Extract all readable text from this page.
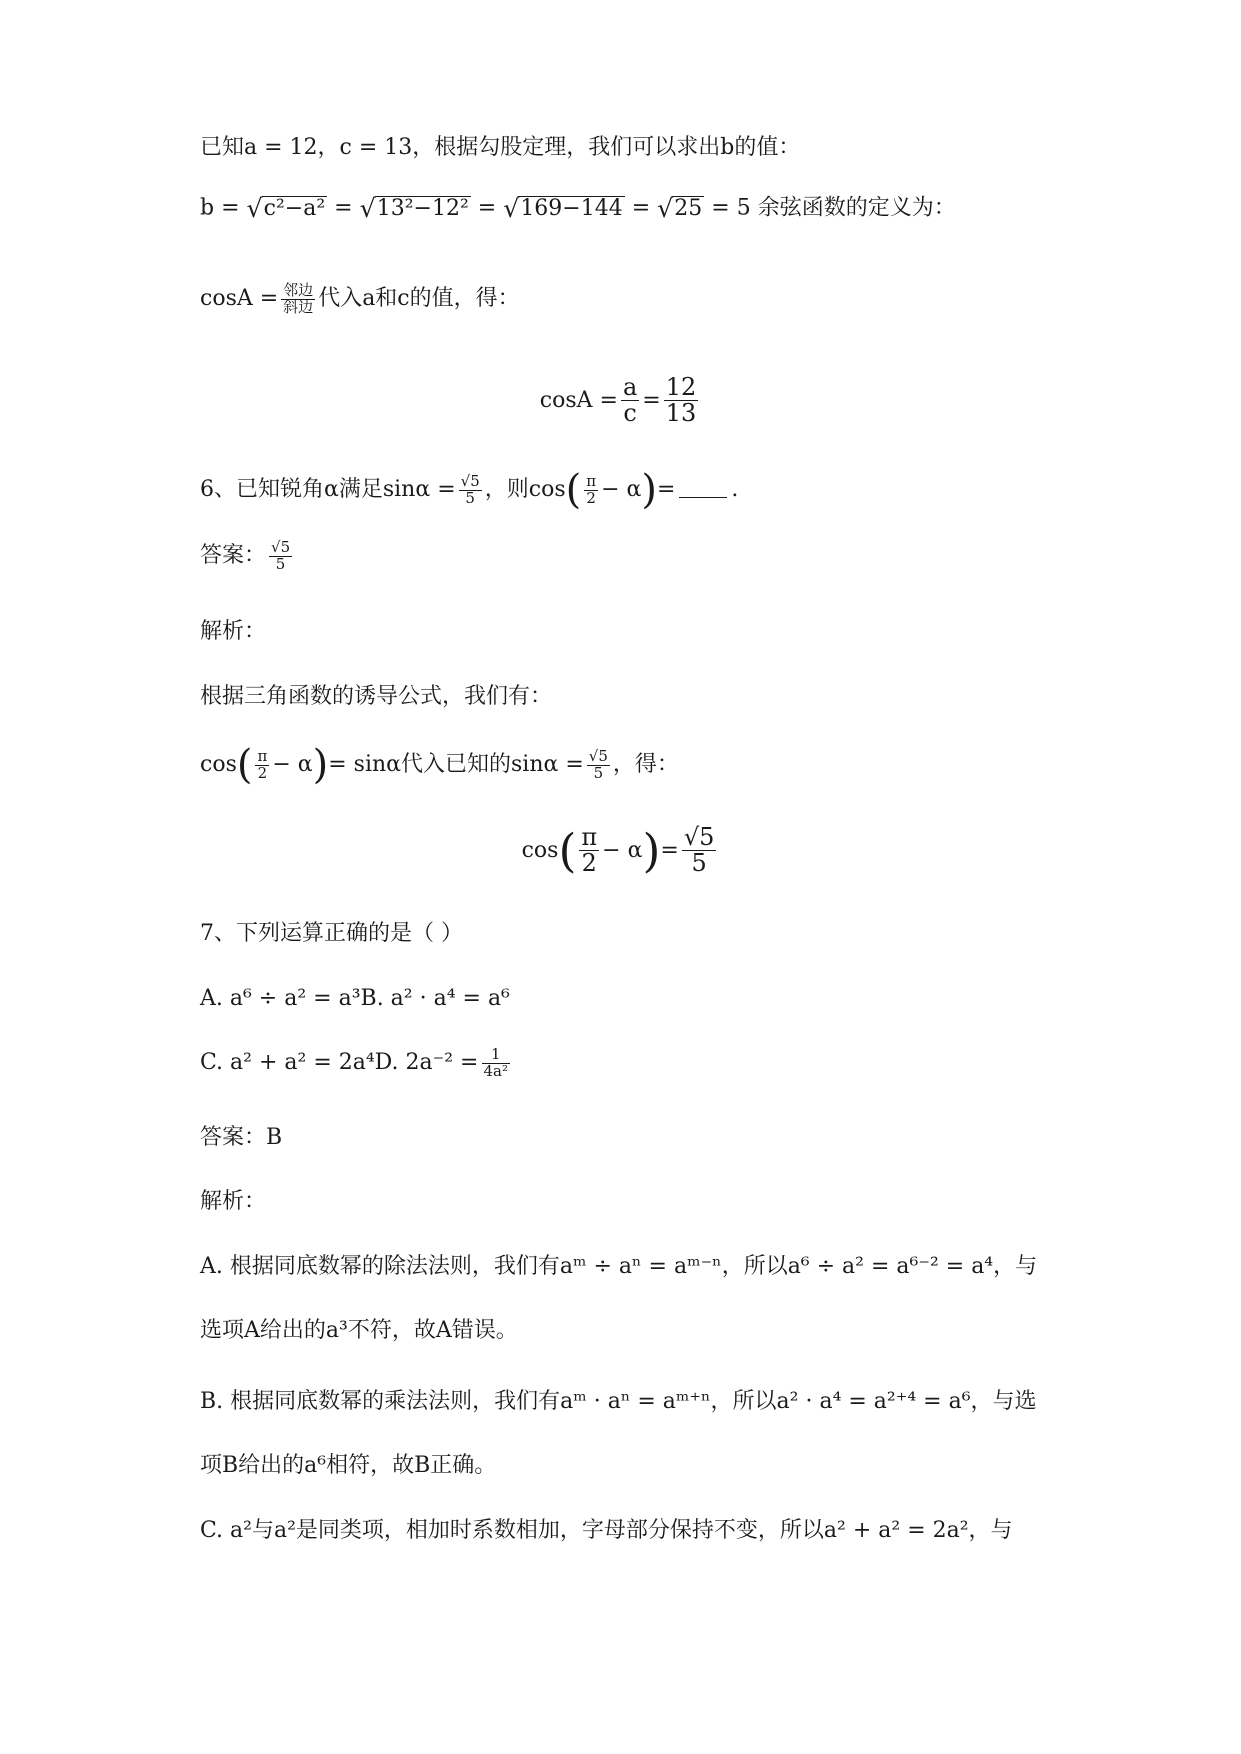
已知a = 12，c = 13，根据勾股定理，我们可以求出b的值：
b = √ c²−a² = √ 13²−12² = √ 169−144 = √ 25 = 5 余弦函数的定义为：
$\cos A = \frac{\text{邻边}}{\text{斜边}}$ 代入a和c的值，得：
$\cos A = \frac{a}{c} = \frac{12}{13}$
6、已知锐角α满足$\sin\alpha = \frac{√5}{5}$ ，则$\cos( \frac{\pi}{2} - \alpha)=$	.
答案： $\frac{√5}{5}$
解析：
根据三角函数的诱导公式，我们有：
$\cos( \frac{\pi}{2} - \alpha)= \sin\alpha$代入已知的$\sin\alpha = \frac{√5}{5}$ ，得：
$\cos( \frac{\pi}{2} - \alpha)= \frac{√5}{5}$
7、下列运算正确的是（ ）
A. a⁶ ÷ a² = a³B. a² · a⁴ = a⁶
C. a² + a² = 2a⁴D. $2a^{-2} = \frac{1}{\text{4a²}}$
答案：B
解析：
A. 根据同底数幂的除法法则，我们有aᵐ ÷ aⁿ = aᵐ⁻ⁿ，所以a⁶ ÷ a² = a⁶⁻² = a⁴，与
选项A给出的a³不符，故A错误。
B. 根据同底数幂的乘法法则，我们有aᵐ · aⁿ = aᵐ⁺ⁿ，所以a² · a⁴ = a²⁺⁴ = a⁶，与选
项B给出的a⁶相符，故B正确。
C. a²与a²是同类项，相加时系数相加，字母部分保持不变，所以a² + a² = 2a²，与
